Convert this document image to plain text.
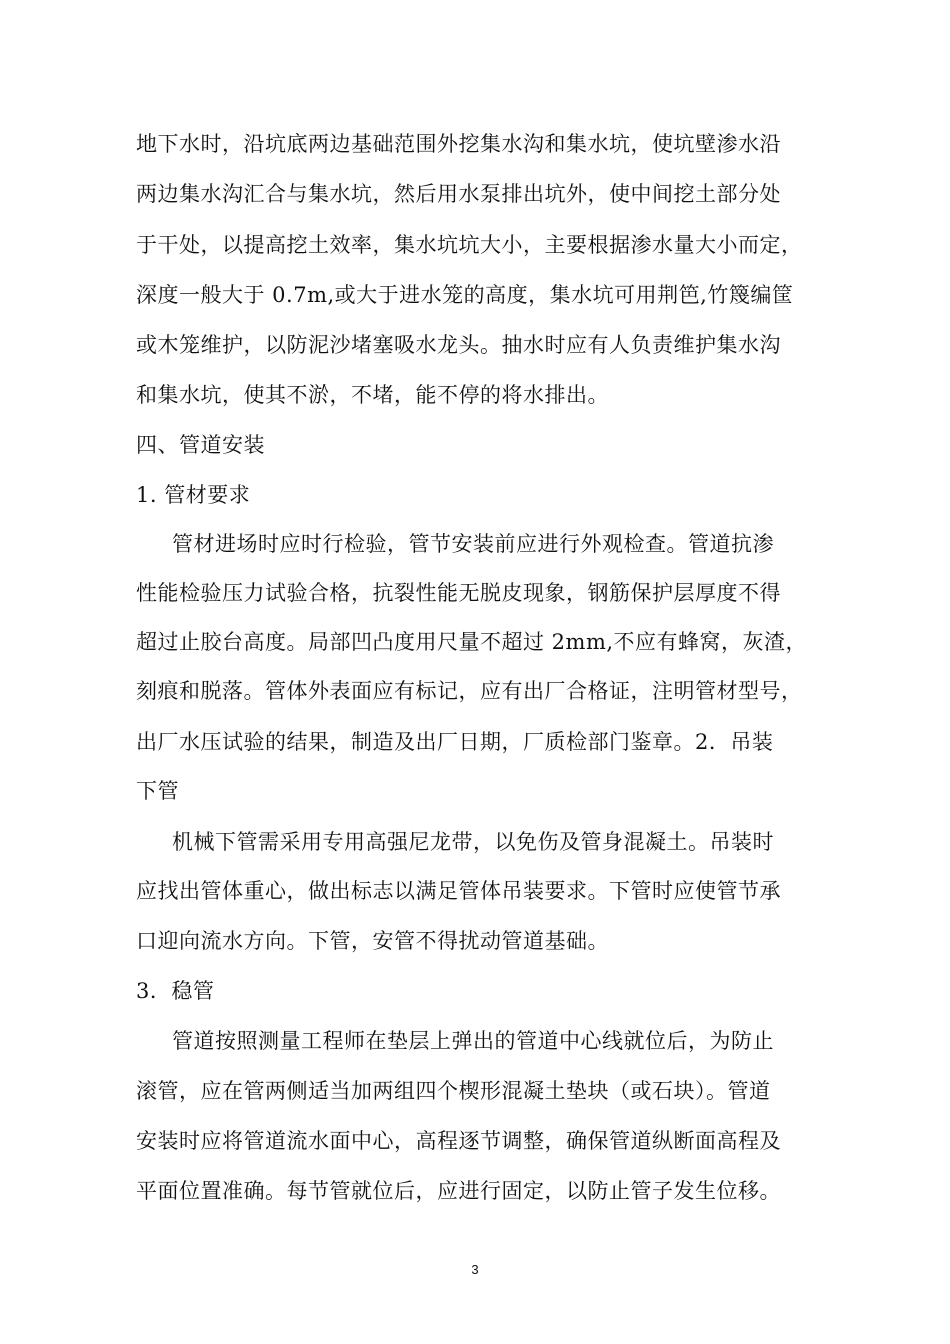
地下水时，沿坑底两边基础范围外挖集水沟和集水坑，使坑壁渗水沿
两边集水沟汇合与集水坑，然后用水泵排出坑外，使中间挖土部分处
于干处，以提高挖土效率，集水坑坑大小，主要根据渗水量大小而定，
深度一般大于 0.7m,或大于进水笼的高度，集水坑可用荆笆,竹篾编筐
或木笼维护，以防泥沙堵塞吸水龙头。抽水时应有人负责维护集水沟
和集水坑，使其不淤，不堵，能不停的将水排出。
四、管道安装
1. 管材要求
管材进场时应时行检验，管节安装前应进行外观检查。管道抗渗
性能检验压力试验合格，抗裂性能无脱皮现象，钢筋保护层厚度不得
超过止胶台高度。局部凹凸度用尺量不超过 2mm,不应有蜂窝，灰渣，
刻痕和脱落。管体外表面应有标记，应有出厂合格证，注明管材型号，
出厂水压试验的结果，制造及出厂日期，厂质检部门鉴章。2．吊装
下管
机械下管需采用专用高强尼龙带，以免伤及管身混凝土。吊装时
应找出管体重心，做出标志以满足管体吊装要求。下管时应使管节承
口迎向流水方向。下管，安管不得扰动管道基础。
3．稳管
管道按照测量工程师在垫层上弹出的管道中心线就位后，为防止
滚管，应在管两侧适当加两组四个楔形混凝土垫块（或石块）。管道
安装时应将管道流水面中心，高程逐节调整，确保管道纵断面高程及
平面位置准确。每节管就位后，应进行固定，以防止管子发生位移。
3
